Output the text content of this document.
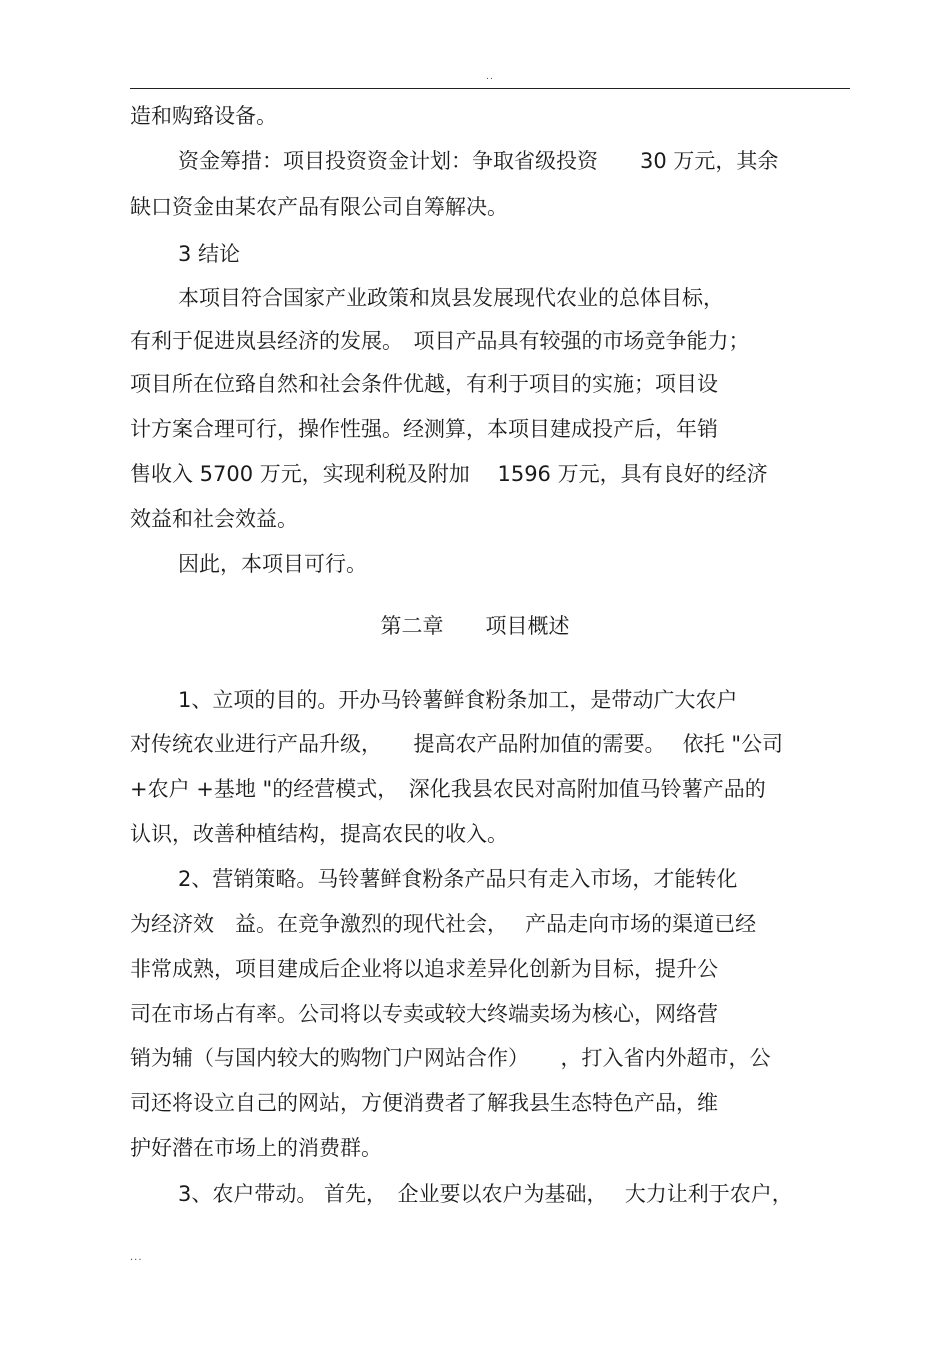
..
造和购臵设备。
资金筹措：项目投资资金计划：争取省级投资　　30 万元，其余
缺口资金由某农产品有限公司自筹解决。
3 结论
本项目符合国家产业政策和岚县发展现代农业的总体目标，
有利于促进岚县经济的发展。　项目产品具有较强的市场竞争能力；
项目所在位臵自然和社会条件优越，有利于项目的实施；项目设
计方案合理可行，操作性强。经测算，本项目建成投产后，年销
售收入 5700 万元，实现利税及附加　 1596 万元，具有良好的经济
效益和社会效益。
因此，本项目可行。
第二章　　项目概述
1、立项的目的。开办马铃薯鲜食粉条加工，是带动广大农户
对传统农业进行产品升级，　　提高农产品附加值的需要。　 依托 "公司
+农户 +基地 "的经营模式，　深化我县农民对高附加值马铃薯产品的
认识，改善种植结构，提高农民的收入。
2、营销策略。马铃薯鲜食粉条产品只有走入市场，才能转化
为经济效　益。在竞争激烈的现代社会，　 产品走向市场的渠道已经
非常成熟，项目建成后企业将以追求差异化创新为目标，提升公
司在市场占有率。公司将以专卖或较大终端卖场为核心，网络营
销为辅（与国内较大的购物门户网站合作）　　，打入省内外超市，公
司还将设立自己的网站，方便消费者了解我县生态特色产品，维
护好潜在市场上的消费群。
3、农户带动。 首先，　企业要以农户为基础，　 大力让利于农户，
...
